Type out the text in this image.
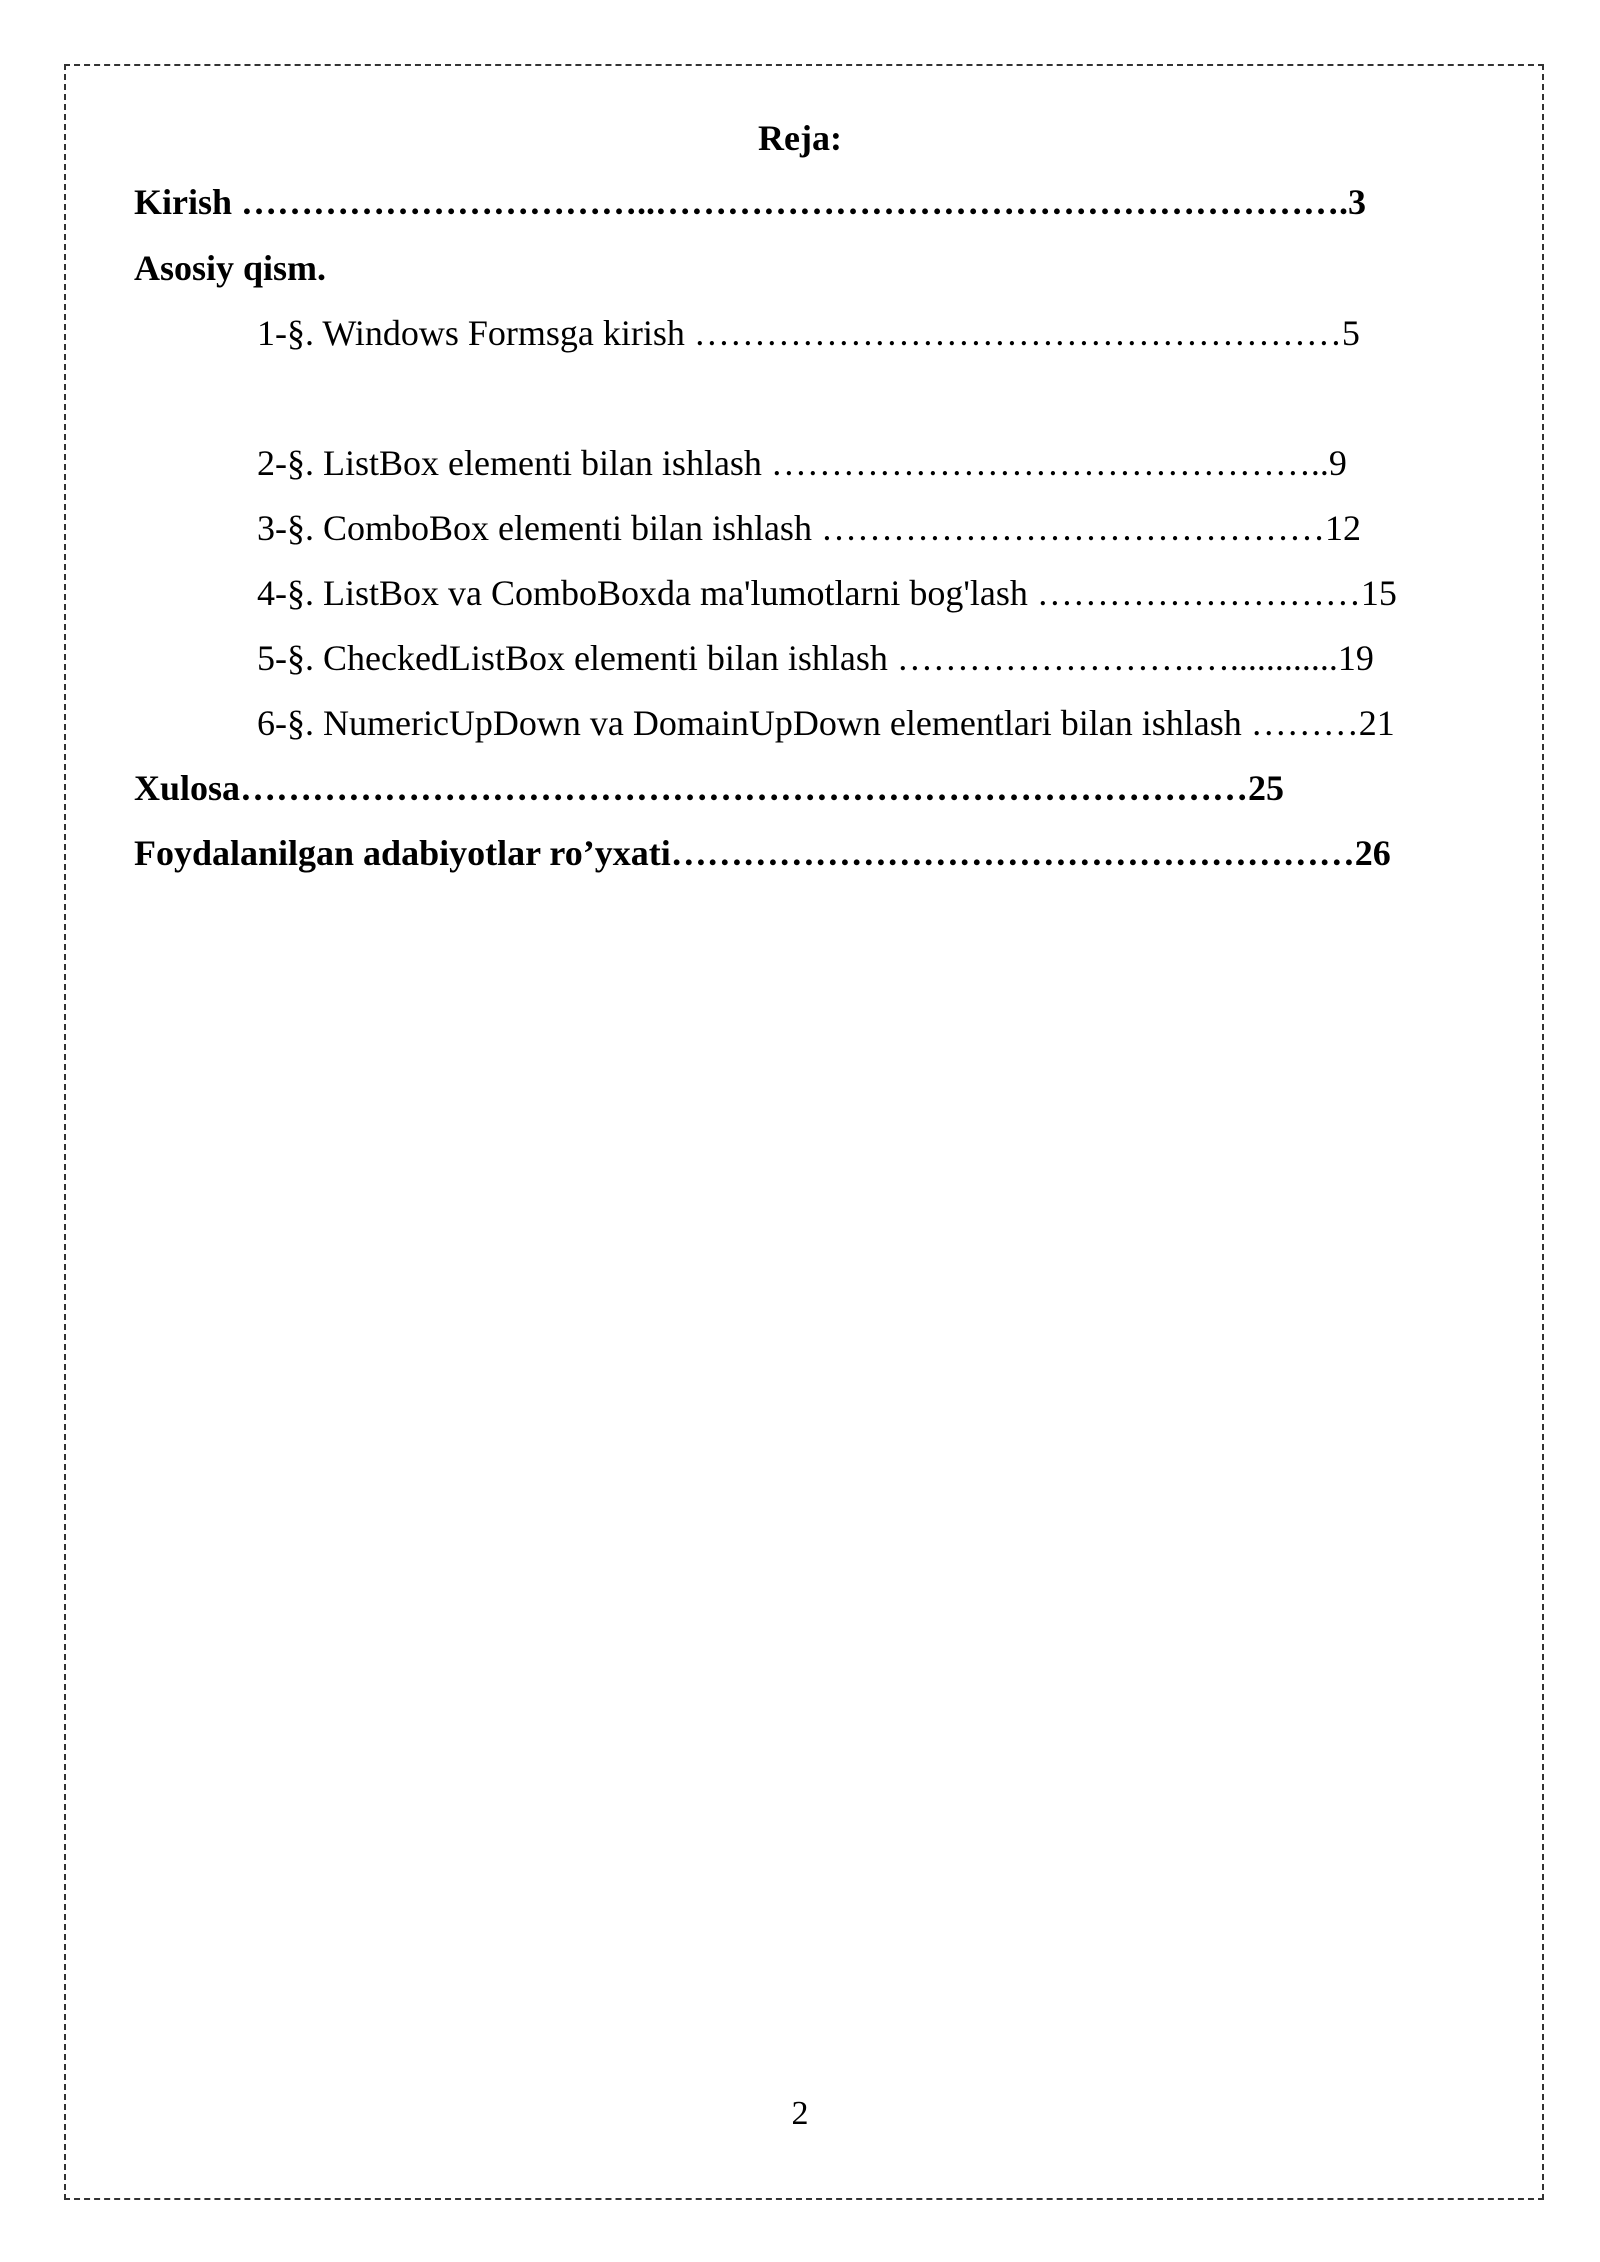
Reja:
Kirish ……………………………..………………………………………………….3
Asosiy qism.
1-§. Windows Formsga kirish ………………………………………………5
2-§. ListBox elementi bilan ishlash ………………………………………..9
3-§. ComboBox elementi bilan ishlash ……………………………………12
4-§. ListBox va ComboBoxda ma'lumotlarni bog'lash ………………………15
5-§. CheckedListBox elementi bilan ishlash …………………….…............19
6-§. NumericUpDown va DomainUpDown elementlari bilan ishlash ………21
Xulosa…………………………………………………………………………25
Foydalanilgan adabiyotlar ro’yxati…………………………………………………26
2
